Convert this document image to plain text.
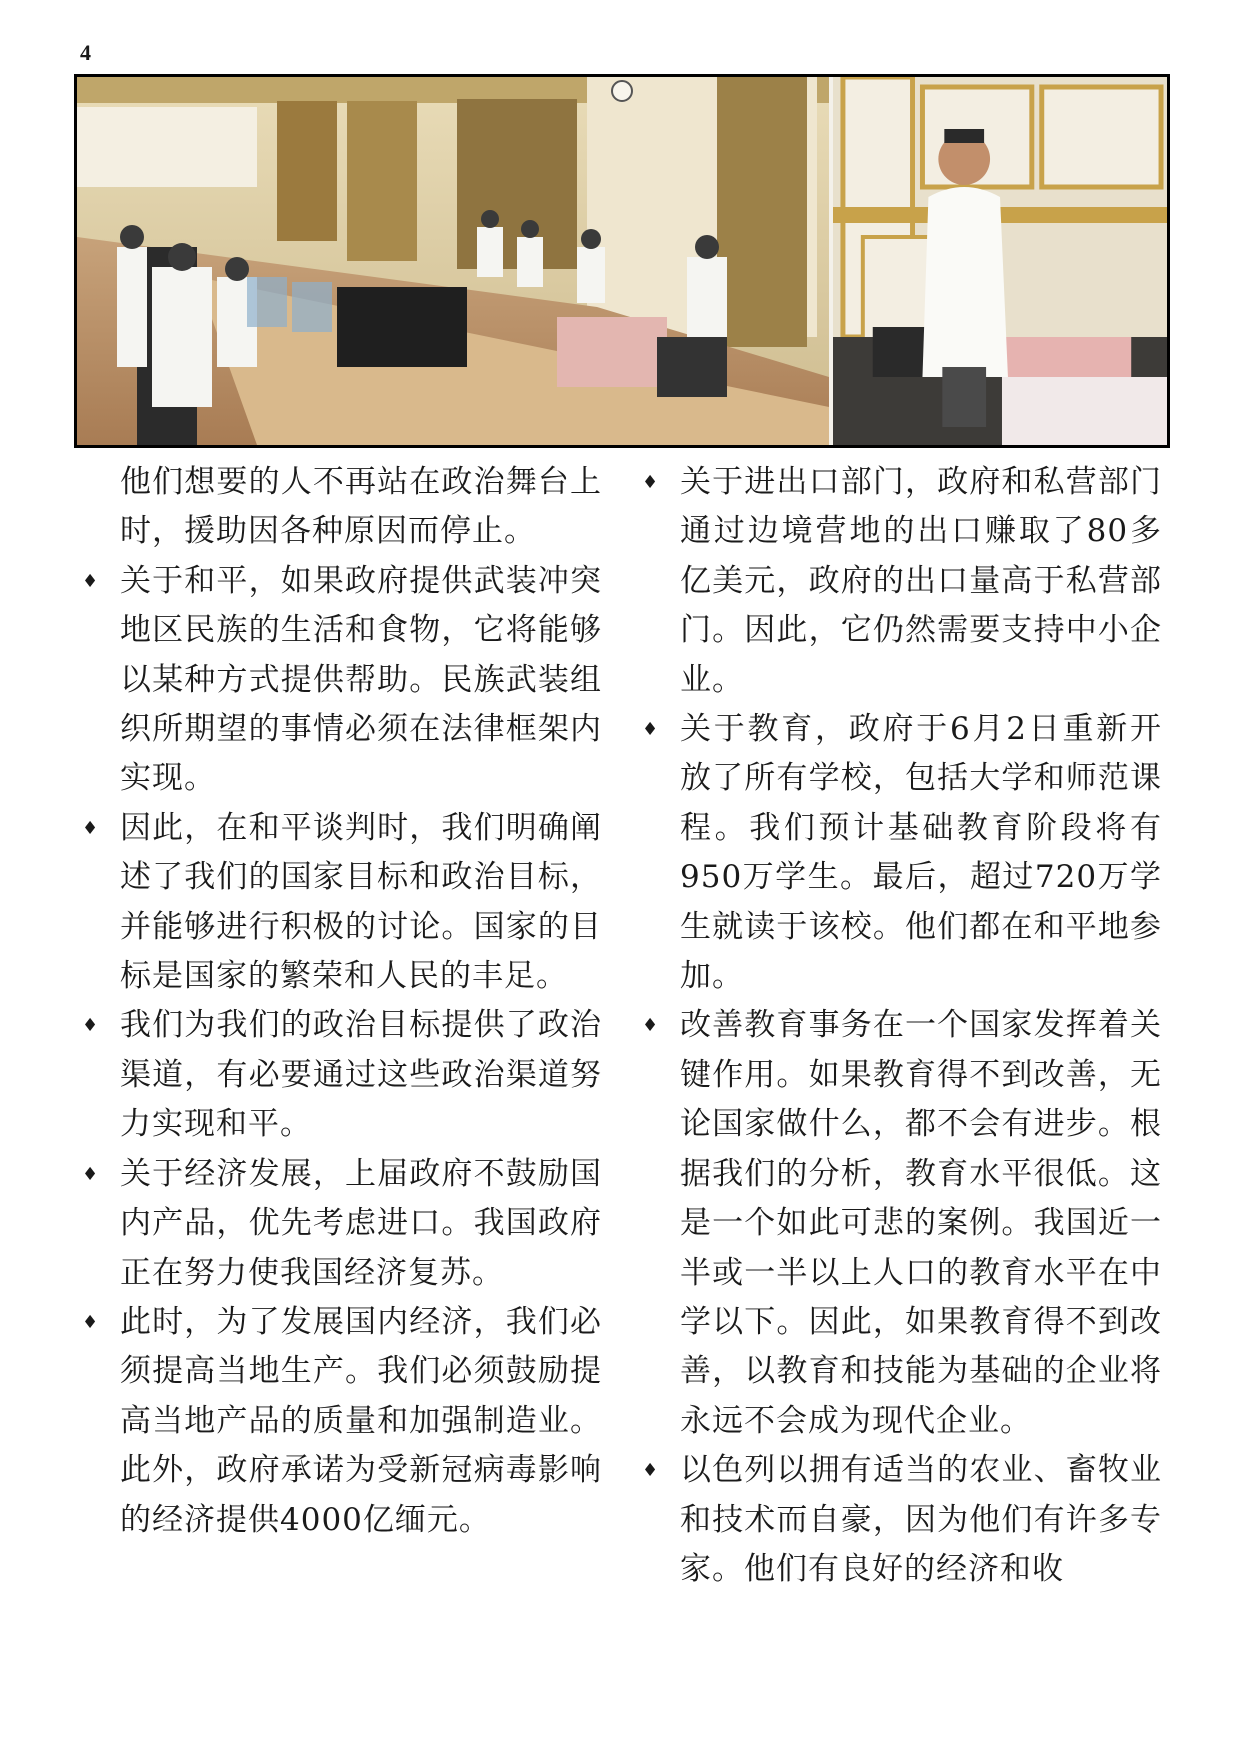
4

他们想要的人不再站在政治舞台上时，援助因各种原因而停止。

♦ 关于和平，如果政府提供武装冲突地区民族的生活和食物，它将能够以某种方式提供帮助。民族武装组织所期望的事情必须在法律框架内实现。
♦ 因此，在和平谈判时，我们明确阐述了我们的国家目标和政治目标，并能够进行积极的讨论。国家的目标是国家的繁荣和人民的丰足。
♦ 我们为我们的政治目标提供了政治渠道，有必要通过这些政治渠道努力实现和平。
♦ 关于经济发展，上届政府不鼓励国内产品，优先考虑进口。我国政府正在努力使我国经济复苏。
♦ 此时，为了发展国内经济，我们必须提高当地生产。我们必须鼓励提高当地产品的质量和加强制造业。此外，政府承诺为受新冠病毒影响的经济提供4000亿缅元。
♦ 关于进出口部门，政府和私营部门通过边境营地的出口赚取了80多亿美元，政府的出口量高于私营部门。因此，它仍然需要支持中小企业。
♦ 关于教育，政府于6月2日重新开放了所有学校，包括大学和师范课程。我们预计基础教育阶段将有950万学生。最后，超过720万学生就读于该校。他们都在和平地参加。
♦ 改善教育事务在一个国家发挥着关键作用。如果教育得不到改善，无论国家做什么，都不会有进步。根据我们的分析，教育水平很低。这是一个如此可悲的案例。我国近一半或一半以上人口的教育水平在中学以下。因此，如果教育得不到改善，以教育和技能为基础的企业将永远不会成为现代企业。
♦ 以色列以拥有适当的农业、畜牧业和技术而自豪，因为他们有许多专家。他们有良好的经济和收
